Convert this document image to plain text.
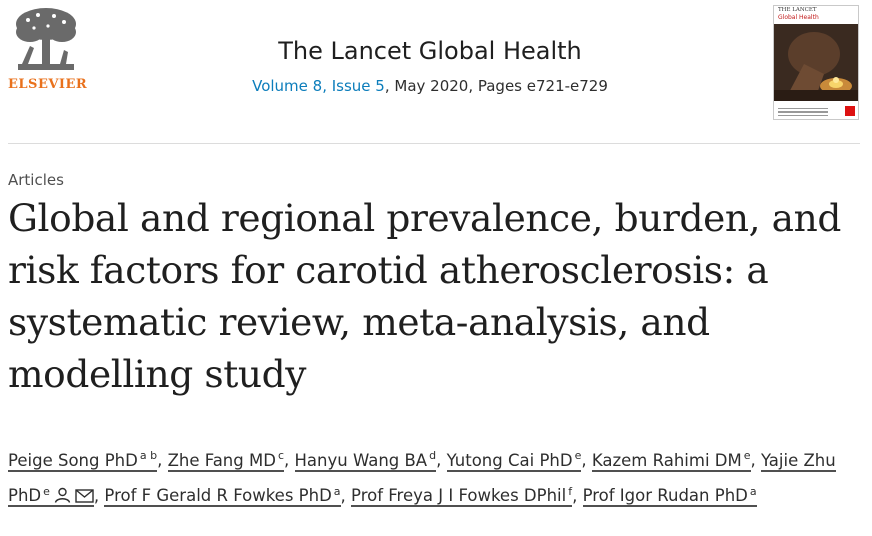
ELSEVIER
The Lancet Global Health
Volume 8, Issue 5, May 2020, Pages e721-e729
THE LANCET
Global Health
Articles
Global and regional prevalence, burden, and risk factors for carotid atherosclerosis: a systematic review, meta-analysis, and modelling study
Peige Song PhD $^{a b}$, Zhe Fang MD $^c$, Hanyu Wang BA $^d$, Yutong Cai PhD $^e$, Kazem Rahimi DM $^e$, Yajie Zhu PhD $^e$	, Prof F Gerald R Fowkes PhD $^a$, Prof Freya J I Fowkes DPhil $^f$, Prof Igor Rudan PhD $^a$
